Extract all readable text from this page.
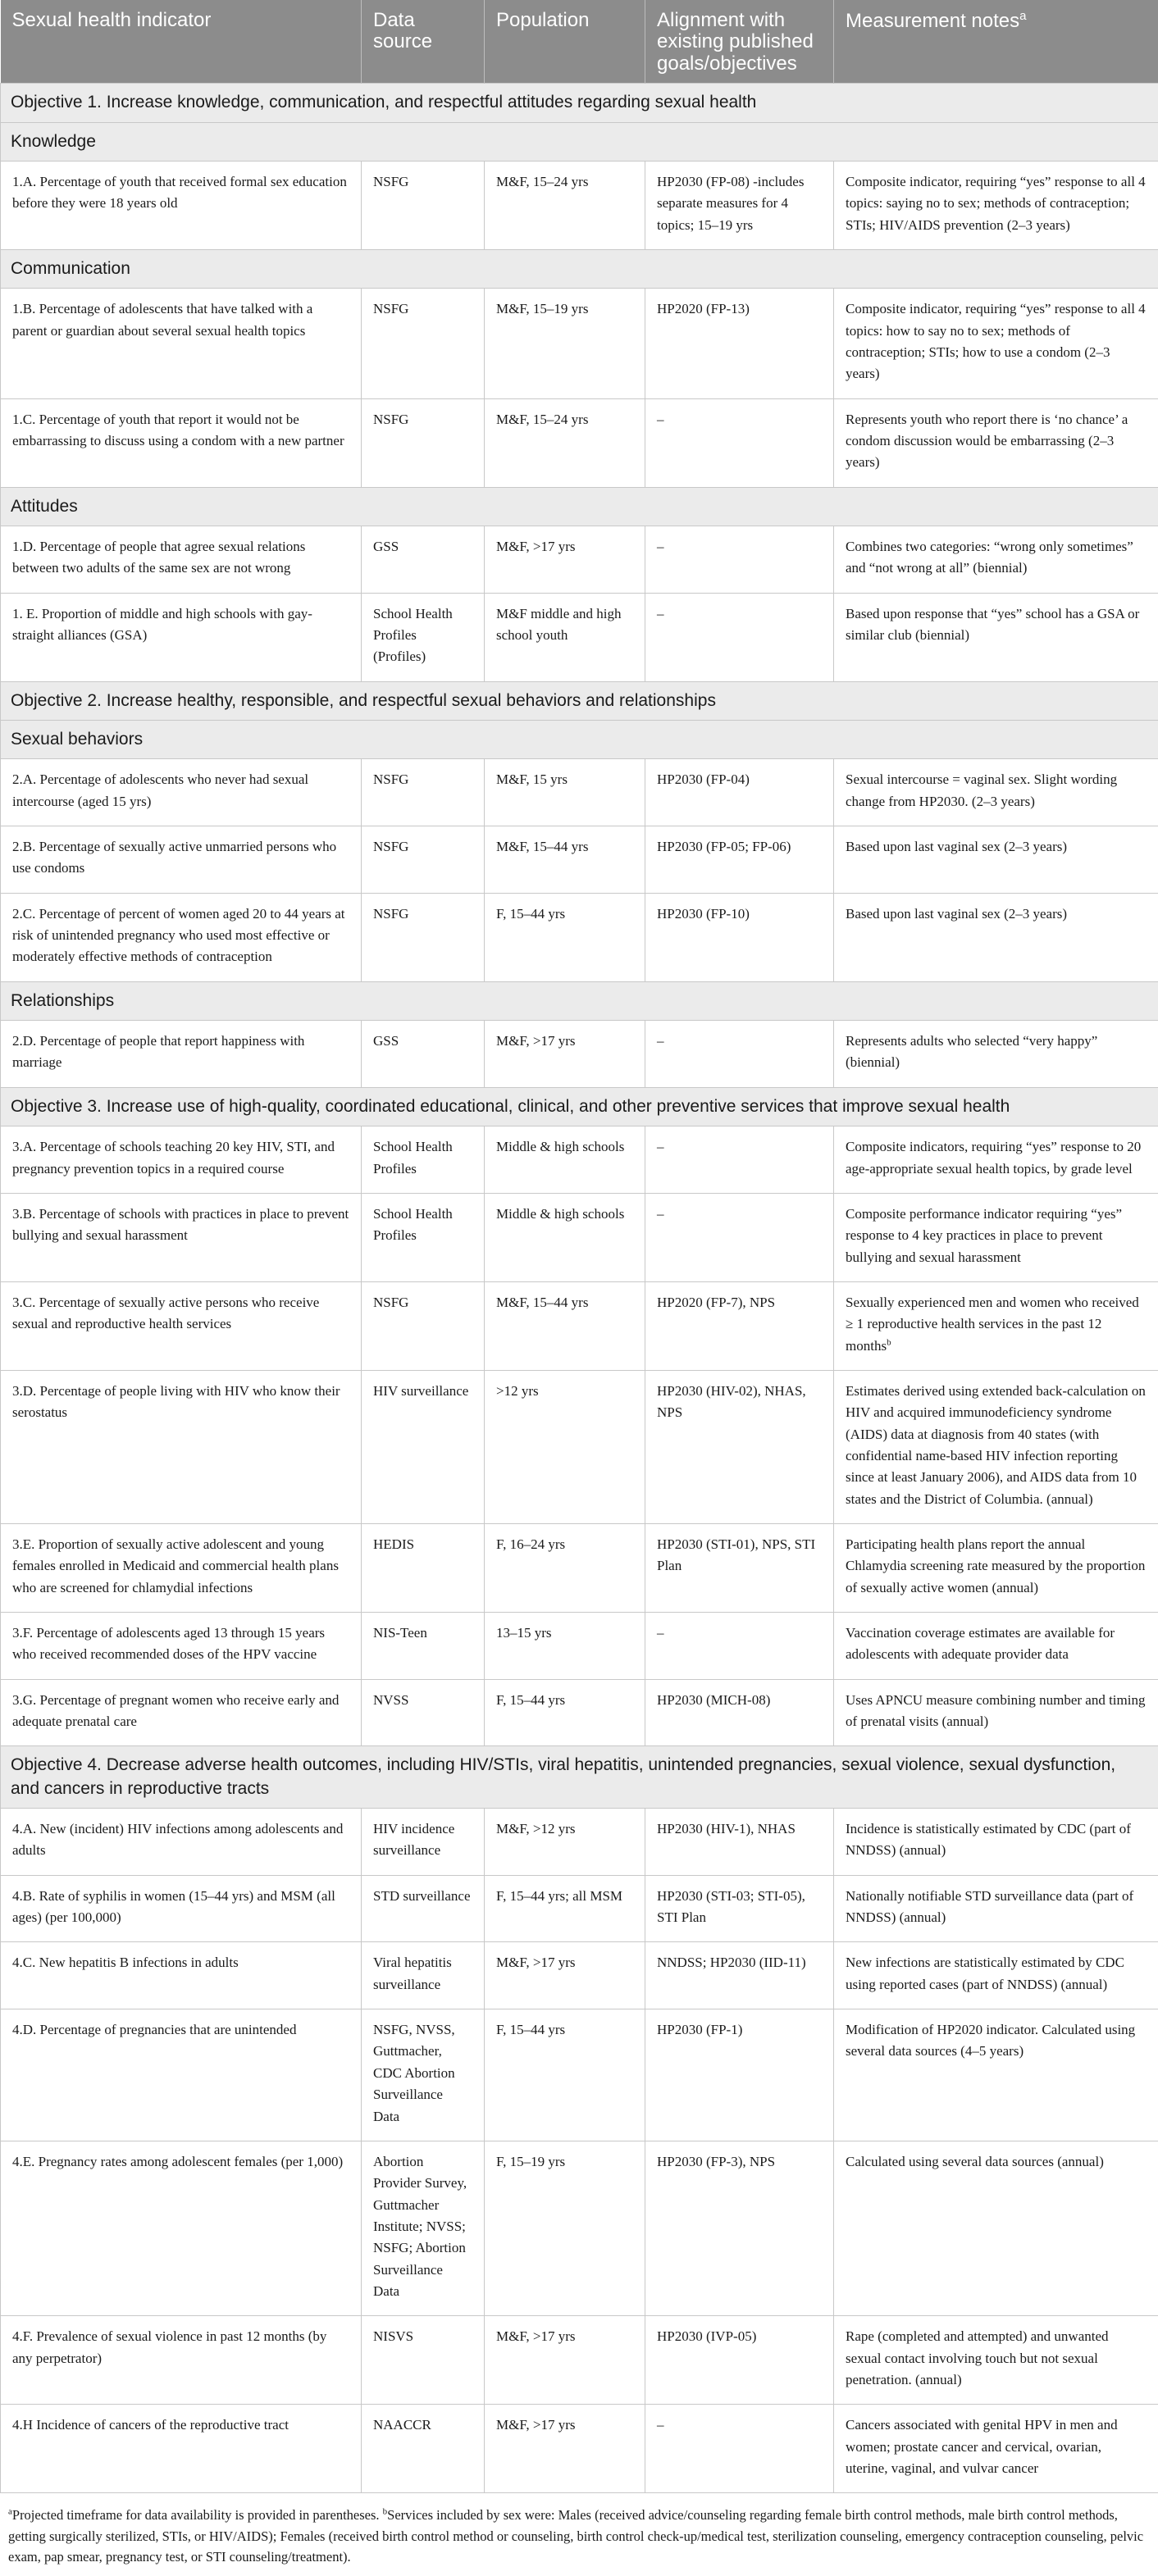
Sexual health indicator	Data source	Population	Alignment with existing published goals/objectives	Measurement notes$^a$
Objective 1. Increase knowledge, communication, and respectful attitudes regarding sexual health				
Knowledge				
1.A. Percentage of youth that received formal sex education before they were 18 years old	NSFG	M&F, 15–24 yrs	HP2030 (FP-08) -includes separate measures for 4 topics; 15–19 yrs	Composite indicator, requiring “yes” response to all 4 topics: saying no to sex; methods of contraception; STIs; HIV/AIDS prevention (2–3 years)
Communication				
1.B. Percentage of adolescents that have talked with a parent or guardian about several sexual health topics	NSFG	M&F, 15–19 yrs	HP2020 (FP-13)	Composite indicator, requiring “yes” response to all 4 topics: how to say no to sex; methods of contraception; STIs; how to use a condom (2–3 years)
1.C. Percentage of youth that report it would not be embarrassing to discuss using a condom with a new partner	NSFG	M&F, 15–24 yrs	–	Represents youth who report there is ‘no chance’ a condom discussion would be embarrassing (2–3 years)
Attitudes				
1.D. Percentage of people that agree sexual relations between two adults of the same sex are not wrong	GSS	M&F, >17 yrs	–	Combines two categories: “wrong only sometimes” and “not wrong at all” (biennial)
1. E. Proportion of middle and high schools with gay-straight alliances (GSA)	School Health Profiles (Profiles)	M&F middle and high school youth	–	Based upon response that “yes” school has a GSA or similar club (biennial)
Objective 2. Increase healthy, responsible, and respectful sexual behaviors and relationships				
Sexual behaviors				
2.A. Percentage of adolescents who never had sexual intercourse (aged 15 yrs)	NSFG	M&F, 15 yrs	HP2030 (FP-04)	Sexual intercourse = vaginal sex. Slight wording change from HP2030. (2–3 years)
2.B. Percentage of sexually active unmarried persons who use condoms	NSFG	M&F, 15–44 yrs	HP2030 (FP-05; FP-06)	Based upon last vaginal sex (2–3 years)
2.C. Percentage of percent of women aged 20 to 44 years at risk of unintended pregnancy who used most effective or moderately effective methods of contraception	NSFG	F, 15–44 yrs	HP2030 (FP-10)	Based upon last vaginal sex (2–3 years)
Relationships				
2.D. Percentage of people that report happiness with marriage	GSS	M&F, >17 yrs	–	Represents adults who selected “very happy” (biennial)
Objective 3. Increase use of high-quality, coordinated educational, clinical, and other preventive services that improve sexual health				
3.A. Percentage of schools teaching 20 key HIV, STI, and pregnancy prevention topics in a required course	School Health Profiles	Middle & high schools	–	Composite indicators, requiring “yes” response to 20 age-appropriate sexual health topics, by grade level
3.B. Percentage of schools with practices in place to prevent bullying and sexual harassment	School Health Profiles	Middle & high schools	–	Composite performance indicator requiring “yes” response to 4 key practices in place to prevent bullying and sexual harassment
3.C. Percentage of sexually active persons who receive sexual and reproductive health services	NSFG	M&F, 15–44 yrs	HP2020 (FP-7), NPS	Sexually experienced men and women who received ≥ 1 reproductive health services in the past 12 months$^b$
3.D. Percentage of people living with HIV who know their serostatus	HIV surveillance	>12 yrs	HP2030 (HIV-02), NHAS, NPS	Estimates derived using extended back-calculation on HIV and acquired immunodeficiency syndrome (AIDS) data at diagnosis from 40 states (with confidential name-based HIV infection reporting since at least January 2006), and AIDS data from 10 states and the District of Columbia. (annual)
3.E. Proportion of sexually active adolescent and young females enrolled in Medicaid and commercial health plans who are screened for chlamydial infections	HEDIS	F, 16–24 yrs	HP2030 (STI-01), NPS, STI Plan	Participating health plans report the annual Chlamydia screening rate measured by the proportion of sexually active women (annual)
3.F. Percentage of adolescents aged 13 through 15 years who received recommended doses of the HPV vaccine	NIS-Teen	13–15 yrs	–	Vaccination coverage estimates are available for adolescents with adequate provider data
3.G. Percentage of pregnant women who receive early and adequate prenatal care	NVSS	F, 15–44 yrs	HP2030 (MICH-08)	Uses APNCU measure combining number and timing of prenatal visits (annual)
Objective 4. Decrease adverse health outcomes, including HIV/STIs, viral hepatitis, unintended pregnancies, sexual violence, sexual dysfunction, and cancers in reproductive tracts				
4.A. New (incident) HIV infections among adolescents and adults	HIV incidence surveillance	M&F, >12 yrs	HP2030 (HIV-1), NHAS	Incidence is statistically estimated by CDC (part of NNDSS) (annual)
4.B. Rate of syphilis in women (15–44 yrs) and MSM (all ages) (per 100,000)	STD surveillance	F, 15–44 yrs; all MSM	HP2030 (STI-03; STI-05), STI Plan	Nationally notifiable STD surveillance data (part of NNDSS) (annual)
4.C. New hepatitis B infections in adults	Viral hepatitis surveillance	M&F, >17 yrs	NNDSS; HP2030 (IID-11)	New infections are statistically estimated by CDC using reported cases (part of NNDSS) (annual)
4.D. Percentage of pregnancies that are unintended	NSFG, NVSS, Guttmacher, CDC Abortion Surveillance Data	F, 15–44 yrs	HP2030 (FP-1)	Modification of HP2020 indicator. Calculated using several data sources (4–5 years)
4.E. Pregnancy rates among adolescent females (per 1,000)	Abortion Provider Survey, Guttmacher Institute; NVSS; NSFG; Abortion Surveillance Data	F, 15–19 yrs	HP2030 (FP-3), NPS	Calculated using several data sources (annual)
4.F. Prevalence of sexual violence in past 12 months (by any perpetrator)	NISVS	M&F, >17 yrs	HP2030 (IVP-05)	Rape (completed and attempted) and unwanted sexual contact involving touch but not sexual penetration. (annual)
4.H Incidence of cancers of the reproductive tract	NAACCR	M&F, >17 yrs	–	Cancers associated with genital HPV in men and women; prostate cancer and cervical, ovarian, uterine, vaginal, and vulvar cancer
$^a$Projected timeframe for data availability is provided in parentheses. $^b$Services included by sex were: Males (received advice/counseling regarding female birth control methods, male birth control methods, getting surgically sterilized, STIs, or HIV/AIDS); Females (received birth control method or counseling, birth control check-up/medical test, sterilization counseling, emergency contraception counseling, pelvic exam, pap smear, pregnancy test, or STI counseling/treatment).
